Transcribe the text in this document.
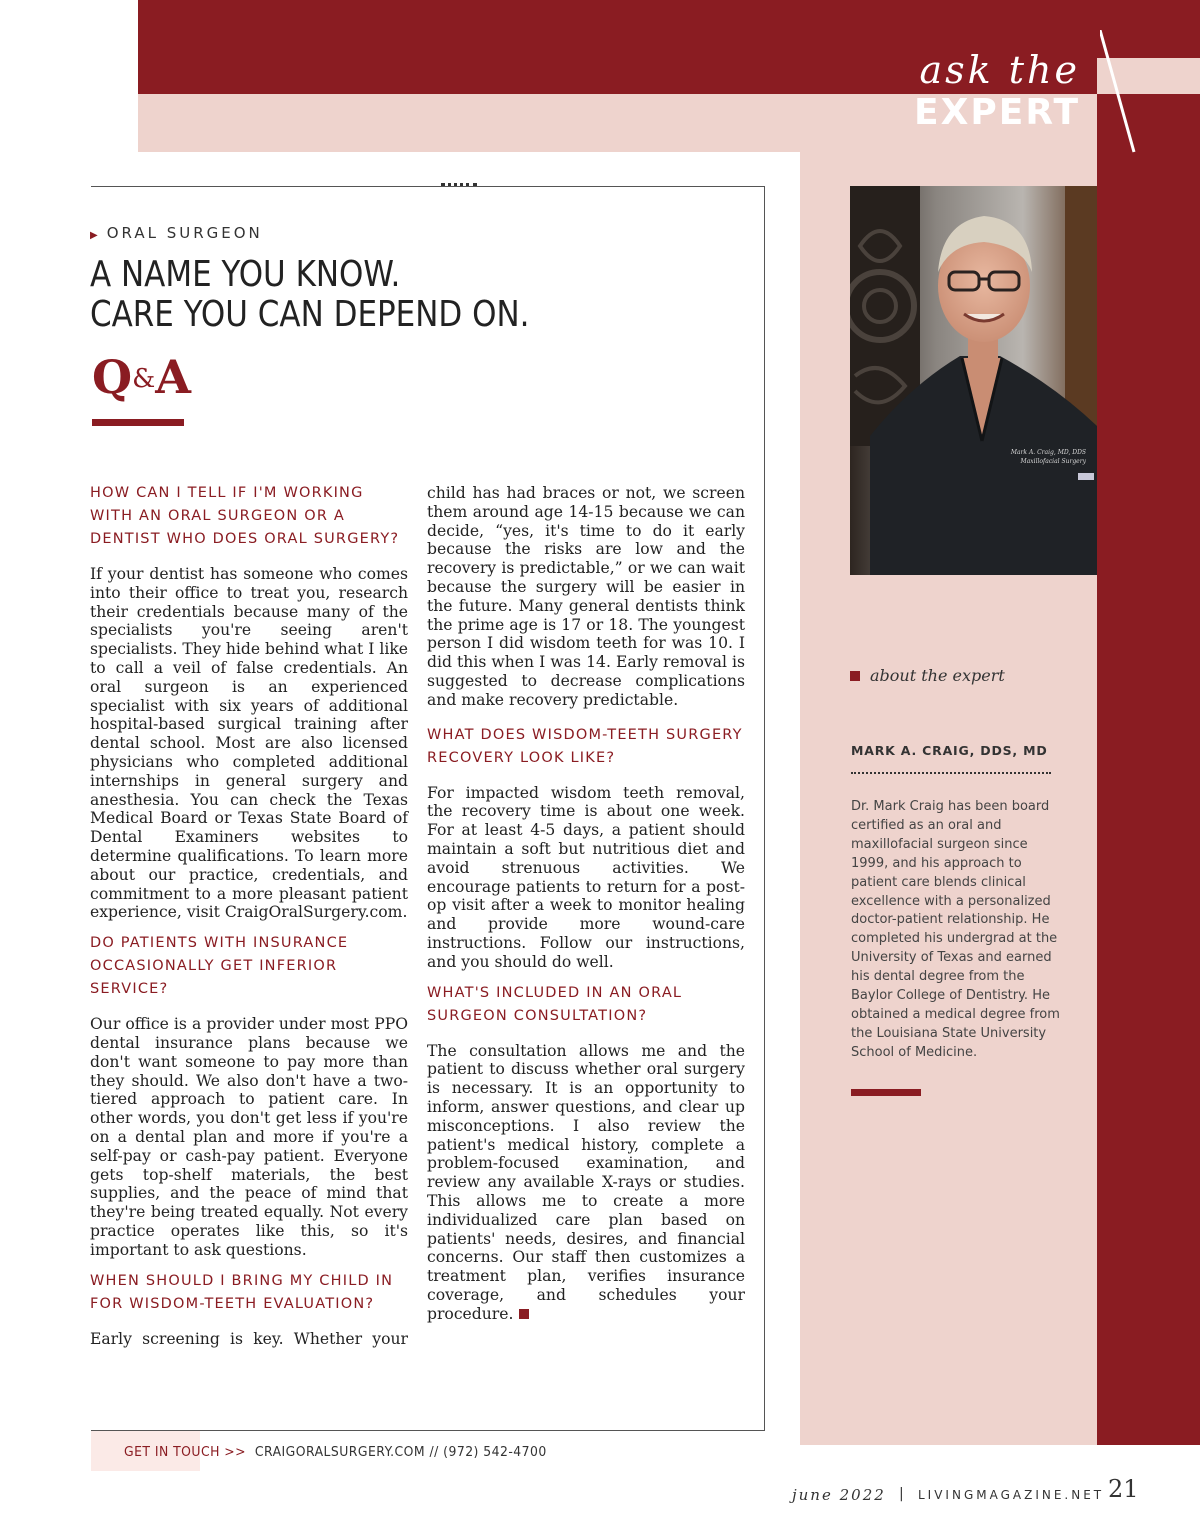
ask the
EXPERT
▶ ORAL SURGEON
A NAME YOU KNOW.
CARE YOU CAN DEPEND ON.
Q&A
HOW CAN I TELL IF I'M WORKING WITH AN ORAL SURGEON OR A DENTIST WHO DOES ORAL SURGERY?

If your dentist has someone who comes into their office to treat you, research their credentials because many of the specialists you're seeing aren't specialists. They hide behind what I like to call a veil of false credentials. An oral surgeon is an experienced specialist with six years of additional hospital-based surgical training after dental school. Most are also licensed physicians who completed additional internships in general surgery and anesthesia. You can check the Texas Medical Board or Texas State Board of Dental Examiners websites to determine qualifications. To learn more about our practice, credentials, and commitment to a more pleasant patient experience, visit CraigOralSurgery.com.

DO PATIENTS WITH INSURANCE OCCASIONALLY GET INFERIOR SERVICE?

Our office is a provider under most PPO dental insurance plans because we don't want someone to pay more than they should. We also don't have a two-tiered approach to patient care. In other words, you don't get less if you're on a dental plan and more if you're a self-pay or cash-pay patient. Everyone gets top-shelf materials, the best supplies, and the peace of mind that they're being treated equally. Not every practice operates like this, so it's important to ask questions.

WHEN SHOULD I BRING MY CHILD IN FOR WISDOM-TEETH EVALUATION?

Early screening is key. Whether your

child has had braces or not, we screen them around age 14-15 because we can decide, “yes, it's time to do it early because the risks are low and the recovery is predictable,” or we can wait because the surgery will be easier in the future. Many general dentists think the prime age is 17 or 18. The youngest person I did wisdom teeth for was 10. I did this when I was 14. Early removal is suggested to decrease complications and make recovery predictable.

WHAT DOES WISDOM-TEETH SURGERY RECOVERY LOOK LIKE?

For impacted wisdom teeth removal, the recovery time is about one week. For at least 4-5 days, a patient should maintain a soft but nutritious diet and avoid strenuous activities. We encourage patients to return for a post-op visit after a week to monitor healing and provide more wound-care instructions. Follow our instructions, and you should do well.

WHAT'S INCLUDED IN AN ORAL SURGEON CONSULTATION?

The consultation allows me and the patient to discuss whether oral surgery is necessary. It is an opportunity to inform, answer questions, and clear up misconceptions. I also review the patient's medical history, complete a problem-focused examination, and review any available X-rays or studies. This allows me to create a more individualized care plan based on patients' needs, desires, and financial concerns. Our staff then customizes a treatment plan, verifies insurance coverage, and schedules your procedure.

Mark A. Craig, MD, DDS
Maxillofacial Surgery
about the expert
MARK A. CRAIG, DDS, MD
Dr. Mark Craig has been board certified as an oral and maxillofacial surgeon since 1999, and his approach to patient care blends clinical excellence with a personalized doctor-patient relationship. He completed his undergrad at the University of Texas and earned his dental degree from the Baylor College of Dentistry. He obtained a medical degree from the Louisiana State University School of Medicine.
GET IN TOUCH >> CRAIGORALSURGERY.COM // (972) 542-4700
june 2022 | LIVINGMAGAZINE.NET 21
